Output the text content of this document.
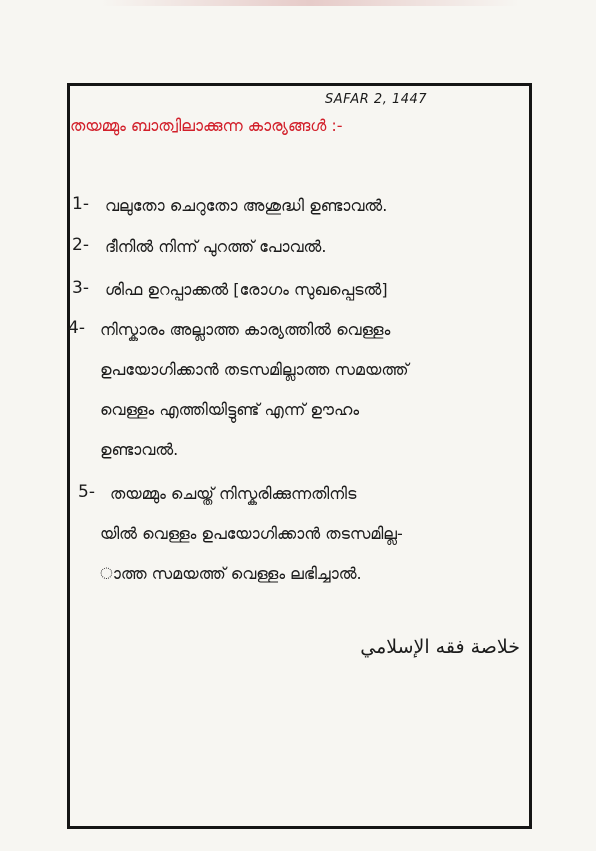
SAFAR 2, 1447
തയമ്മും ബാത്വിലാക്കുന്ന കാര്യങ്ങൾ :-
1-	വലുതോ ചെറുതോ അശുദ്ധി ഉണ്ടാവൽ.
2-	ദീനിൽ നിന്ന് പുറത്ത് പോവൽ.
3-	ശിഫ ഉറപ്പാക്കൽ [രോഗം സുഖപ്പെടൽ]
4- നിസ്കാരം അല്ലാത്ത കാര്യത്തിൽ വെള്ളം
ഉപയോഗിക്കാൻ തടസമില്ലാത്ത സമയത്ത്
വെള്ളം എത്തിയിട്ടുണ്ട് എന്ന് ഊഹം
ഉണ്ടാവൽ.
5- തയമ്മും ചെയ്ത് നിസ്കരിക്കുന്നതിനിട
യിൽ വെള്ളം ഉപയോഗിക്കാൻ തടസമില്ല-
ാത്ത സമയത്ത് വെള്ളം ലഭിച്ചാൽ.
خلاصة فقه الإسلامي
